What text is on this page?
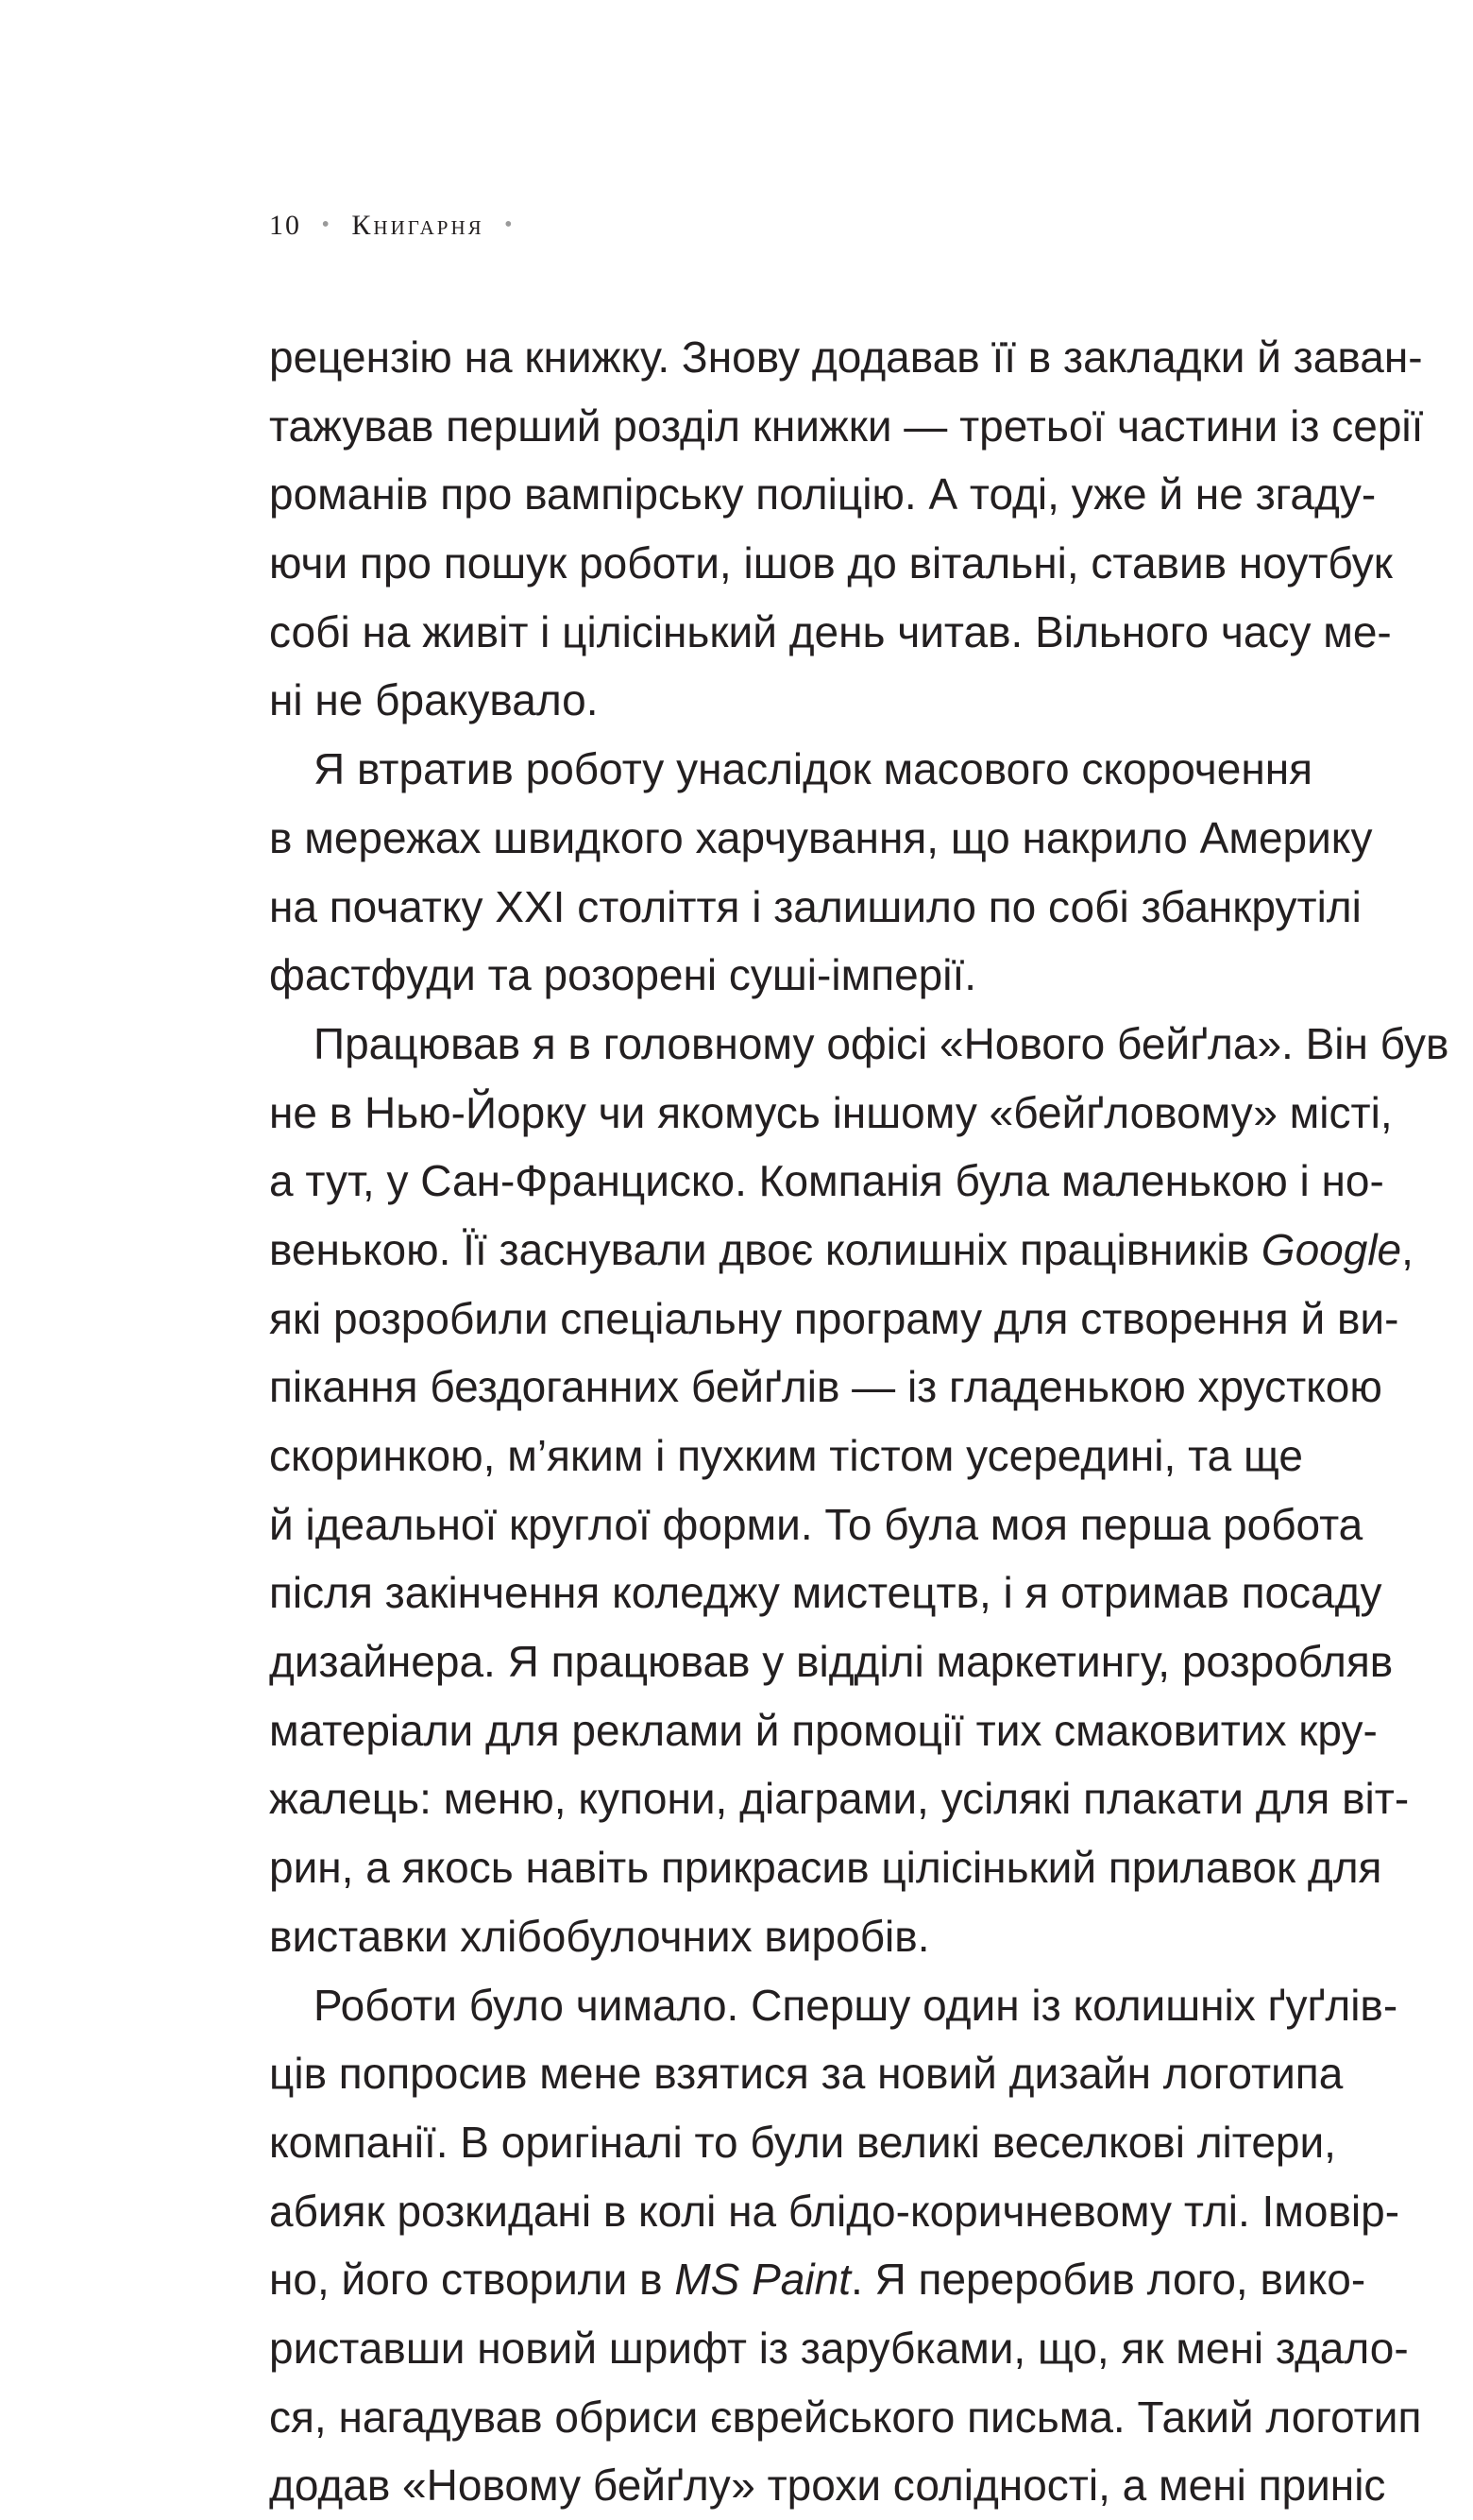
10 • Книгарня •
рецензію на книжку. Знову додавав її в закладки й заван-
тажував перший розділ книжки — третьої частини із серії
романів про вампірську поліцію. А тоді, уже й не згаду-
ючи про пошук роботи, ішов до вітальні, ставив ноутбук
собі на живіт і цілісінький день читав. Вільного часу ме-
ні не бракувало.
Я втратив роботу унаслідок масового скорочення
в мережах швидкого харчування, що накрило Америку
на початку XXI століття і залишило по собі збанкрутілі
фастфуди та розорені суші-імперії.
Працював я в головному офісі «Нового бейґла». Він був
не в Нью-Йорку чи якомусь іншому «бейґловому» місті,
а тут, у Сан-Франциско. Компанія була маленькою і но-
венькою. Її заснували двоє колишніх працівників Google,
які розробили спеціальну програму для створення й ви-
пікання бездоганних бейґлів — із гладенькою хрусткою
скоринкою, м’яким і пухким тістом усередині, та ще
й ідеальної круглої форми. То була моя перша робота
після закінчення коледжу мистецтв, і я отримав посаду
дизайнера. Я працював у відділі маркетингу, розробляв
матеріали для реклами й промоції тих смаковитих кру-
жалець: меню, купони, діаграми, усілякі плакати для віт-
рин, а якось навіть прикрасив цілісінький прилавок для
виставки хлібобулочних виробів.
Роботи було чимало. Спершу один із колишніх ґуґлів-
ців попросив мене взятися за новий дизайн логотипа
компанії. В оригіналі то були великі веселкові літери,
абияк розкидані в колі на блідо-коричневому тлі. Імовір-
но, його створили в MS Paint. Я переробив лого, вико-
риставши новий шрифт із зарубками, що, як мені здало-
ся, нагадував обриси єврейського письма. Такий логотип
додав «Новому бейґлу» трохи солідності, а мені приніс
